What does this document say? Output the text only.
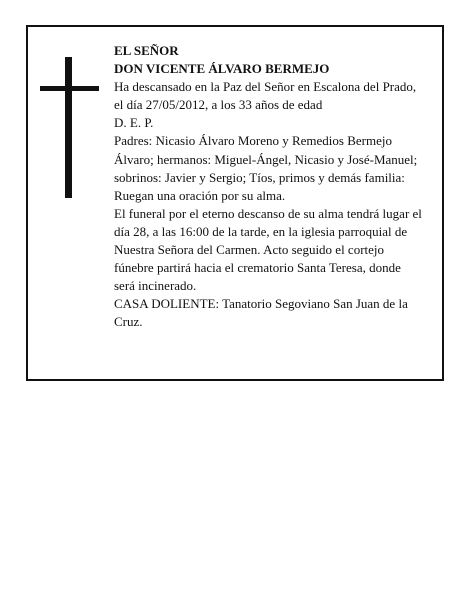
EL SEÑOR

DON VICENTE ÁLVARO BERMEJO

Ha descansado en la Paz del Señor en Escalona del Prado, el día 27/05/2012, a los 33 años de edad

D. E. P.

Padres: Nicasio Álvaro Moreno y Remedios Bermejo Álvaro; hermanos: Miguel-Ángel, Nicasio y José-Manuel; sobrinos: Javier y Sergio; Tíos, primos y demás familia:

Ruegan una oración por su alma.

El funeral por el eterno descanso de su alma tendrá lugar el día 28, a las 16:00 de la tarde, en la iglesia parroquial de Nuestra Señora del Carmen. Acto seguido el cortejo fúnebre partirá hacia el crematorio Santa Teresa, donde será incinerado.

CASA DOLIENTE: Tanatorio Segoviano San Juan de la Cruz.
